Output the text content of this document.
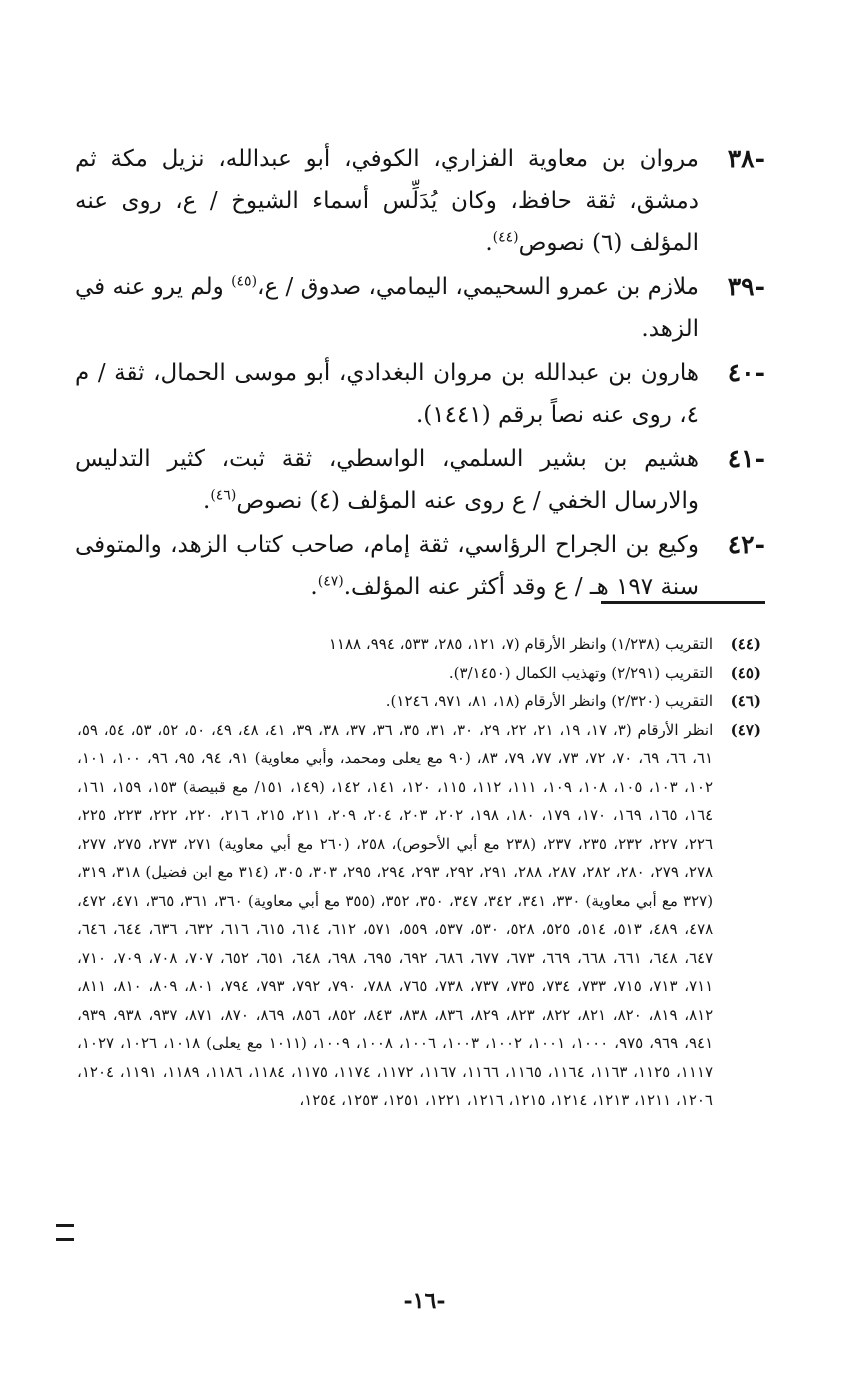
-٣٨
مروان بن معاوية الفزاري، الكوفي، أبو عبدالله، نزيل مكة ثم دمشق، ثقة حافظ، وكان يُدَلِّس أسماء الشيوخ / ع، روى عنه المؤلف (٦) نصوص$^{(٤٤)}$.
-٣٩
ملازم بن عمرو السحيمي، اليمامي، صدوق / ع،$^{(٤٥)}$ ولم يرو عنه في الزهد.
-٤٠
هارون بن عبدالله بن مروان البغدادي، أبو موسى الحمال، ثقة / م ٤، روى عنه نصاً برقم (١٤٤١).
-٤١
هشيم بن بشير السلمي، الواسطي، ثقة ثبت، كثير التدليس والارسال الخفي / ع روى عنه المؤلف (٤) نصوص$^{(٤٦)}$.
-٤٢
وكيع بن الجراح الرؤاسي، ثقة إمام، صاحب كتاب الزهد، والمتوفى سنة ١٩٧ هـ / ع وقد أكثر عنه المؤلف.$^{(٤٧)}$.
(٤٤)
التقريب (١/٢٣٨) وانظر الأرقام (٧، ١٢١، ٢٨٥، ٥٣٣، ٩٩٤، ١١٨٨
(٤٥)
التقريب (٢/٢٩١) وتهذيب الكمال (٣/١٤٥٠).
(٤٦)
التقريب (٢/٣٢٠) وانظر الأرقام (١٨، ٨١، ٩٧١، ١٢٤٦).
(٤٧)
انظر الأرقام (٣، ١٧، ١٩، ٢١، ٢٢، ٢٩، ٣٠، ٣١، ٣٥، ٣٦، ٣٧، ٣٨، ٣٩، ٤١، ٤٨، ٤٩، ٥٠، ٥٢، ٥٣، ٥٤، ٥٩، ٦١، ٦٦، ٦٩، ٧٠، ٧٢، ٧٣، ٧٧، ٧٩، ٨٣، (٩٠ مع يعلى ومحمد، وأبي معاوية) ٩١، ٩٤، ٩٥، ٩٦، ١٠٠، ١٠١، ١٠٢، ١٠٣، ١٠٥، ١٠٨، ١٠٩، ١١١، ١١٢، ١١٥، ١٢٠، ١٤١، ١٤٢، (١٤٩، ١٥١/ مع قبيصة) ١٥٣، ١٥٩، ١٦١، ١٦٤، ١٦٥، ١٦٩، ١٧٠، ١٧٩، ١٨٠، ١٩٨، ٢٠٢، ٢٠٣، ٢٠٤، ٢٠٩، ٢١١، ٢١٥، ٢١٦، ٢٢٠، ٢٢٢، ٢٢٣، ٢٢٥، ٢٢٦، ٢٢٧، ٢٣٢، ٢٣٥، ٢٣٧، (٢٣٨ مع أبي الأحوص)، ٢٥٨، (٢٦٠ مع أبي معاوية) ٢٧١، ٢٧٣، ٢٧٥، ٢٧٧، ٢٧٨، ٢٧٩، ٢٨٠، ٢٨٢، ٢٨٧، ٢٨٨، ٢٩١، ٢٩٢، ٢٩٣، ٢٩٤، ٢٩٥، ٣٠٣، ٣٠٥، (٣١٤ مع ابن فضيل) ٣١٨، ٣١٩، (٣٢٧ مع أبي معاوية) ٣٣٠، ٣٤١، ٣٤٢، ٣٤٧، ٣٥٠، ٣٥٢، (٣٥٥ مع أبي معاوية) ٣٦٠، ٣٦١، ٣٦٥، ٤٧١، ٤٧٢، ٤٧٨، ٤٨٩، ٥١٣، ٥١٤، ٥٢٥، ٥٢٨، ٥٣٠، ٥٣٧، ٥٥٩، ٥٧١، ٦١٢، ٦١٤، ٦١٥، ٦١٦، ٦٣٢، ٦٣٦، ٦٤٤، ٦٤٦، ٦٤٧، ٦٤٨، ٦٦١، ٦٦٨، ٦٦٩، ٦٧٣، ٦٧٧، ٦٨٦، ٦٩٢، ٦٩٥، ٦٩٨، ٦٤٨، ٦٥١، ٦٥٢، ٧٠٧، ٧٠٨، ٧٠٩، ٧١٠، ٧١١، ٧١٣، ٧١٥، ٧٣٣، ٧٣٤، ٧٣٥، ٧٣٧، ٧٣٨، ٧٦٥، ٧٨٨، ٧٩٠، ٧٩٢، ٧٩٣، ٧٩٤، ٨٠١، ٨٠٩، ٨١٠، ٨١١، ٨١٢، ٨١٩، ٨٢٠، ٨٢١، ٨٢٢، ٨٢٣، ٨٢٩، ٨٣٦، ٨٣٨، ٨٤٣، ٨٥٢، ٨٥٦، ٨٦٩، ٨٧٠، ٨٧١، ٩٣٧، ٩٣٨، ٩٣٩، ٩٤١، ٩٦٩، ٩٧٥، ١٠٠٠، ١٠٠١، ١٠٠٢، ١٠٠٣، ١٠٠٦، ١٠٠٨، ١٠٠٩، (١٠١١ مع يعلى) ١٠١٨، ١٠٢٦، ١٠٢٧، ١١١٧، ١١٢٥، ١١٦٣، ١١٦٤، ١١٦٥، ١١٦٦، ١١٦٧، ١١٧٢، ١١٧٤، ١١٧٥، ١١٨٤، ١١٨٦، ١١٨٩، ١١٩١، ١٢٠٤، ١٢٠٦، ١٢١١، ١٢١٣، ١٢١٤، ١٢١٥، ١٢١٦، ١٢٢١، ١٢٥١، ١٢٥٣، ١٢٥٤،
-١٦-
